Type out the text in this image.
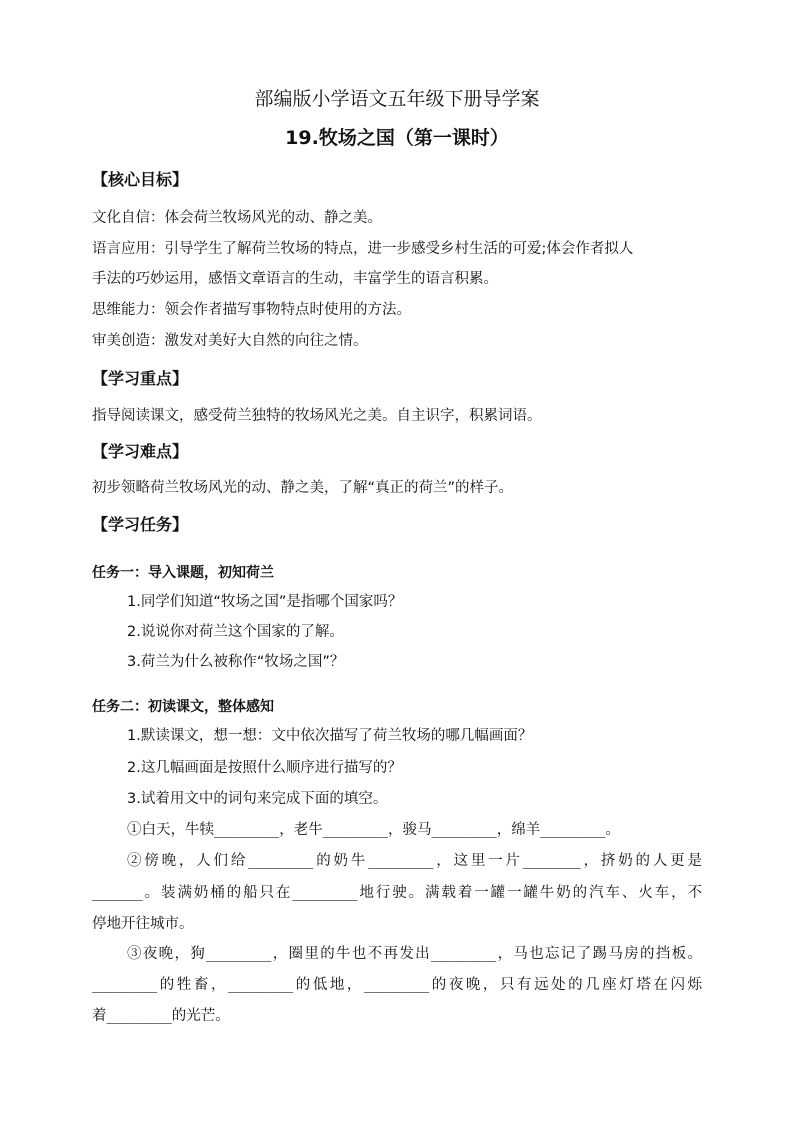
部编版小学语文五年级下册导学案
19.牧场之国（第一课时）
【核心目标】
文化自信：体会荷兰牧场风光的动、静之美。
语言应用：引导学生了解荷兰牧场的特点，进一步感受乡村生活的可爱;体会作者拟人
手法的巧妙运用，感悟文章语言的生动，丰富学生的语言积累。
思维能力：领会作者描写事物特点时使用的方法。
审美创造：激发对美好大自然的向往之情。
【学习重点】
指导阅读课文，感受荷兰独特的牧场风光之美。自主识字，积累词语。
【学习难点】
初步领略荷兰牧场风光的动、静之美，了解“真正的荷兰”的样子。
【学习任务】
任务一：导入课题，初知荷兰
1.同学们知道“牧场之国”是指哪个国家吗？
2.说说你对荷兰这个国家的了解。
3.荷兰为什么被称作“牧场之国”？
任务二：初读课文，整体感知
1.默读课文，想一想：文中依次描写了荷兰牧场的哪几幅画面？
2.这几幅画面是按照什么顺序进行描写的？
3.试着用文中的词句来完成下面的填空。
①白天，牛犊_________，老牛_________，骏马_________，绵羊_________。
②傍晚，人们给_________的奶牛_________，这里一片________，挤奶的人更是
_______。装满奶桶的船只在_________地行驶。满载着一罐一罐牛奶的汽车、火车，不
停地开往城市。
③夜晚，狗_________，圈里的牛也不再发出_________，马也忘记了踢马房的挡板。
_________的牲畜，_________的低地，_________的夜晚，只有远处的几座灯塔在闪烁
着_________的光芒。
